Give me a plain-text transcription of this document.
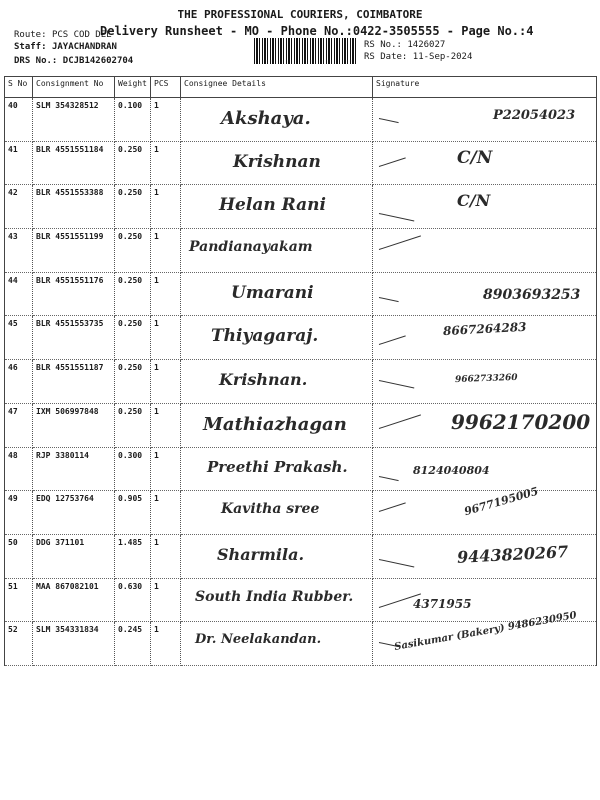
THE PROFESSIONAL COURIERS, COIMBATORE
Delivery Runsheet - MO - Phone No.:0422-3505555 - Page No.:4
Route: PCS COD DEL
Staff: JAYACHANDRAN
DRS No.: DCJB142602704
RS No.: 1426027
RS Date: 11-Sep-2024
S No	Consignment No	Weight	PCS	Consignee Details	Signature
40	SLM 354328512	0.100	1	Akshaya.	P22054023

41	BLR 4551551184	0.250	1	Krishnan	C/N

42	BLR 4551553388	0.250	1	Helan Rani	C/N

43	BLR 4551551199	0.250	1	Pandianayakam	

44	BLR 4551551176	0.250	1	Umarani	8903693253

45	BLR 4551553735	0.250	1	Thiyagaraj.	8667264283

46	BLR 4551551187	0.250	1	Krishnan.	9662733260

47	IXM 506997848	0.250	1	Mathiazhagan	9962170200

48	RJP 3380114	0.300	1	Preethi Prakash.	8124040804

49	EDQ 12753764	0.905	1	Kavitha sree	9677195005

50	DDG 371101	1.485	1	Sharmila.	9443820267

51	MAA 867082101	0.630	1	South India Rubber.	4371955

52	SLM 354331834	0.245	1	Dr. Neelakandan.	Sasikumar (Bakery) 9486230950
